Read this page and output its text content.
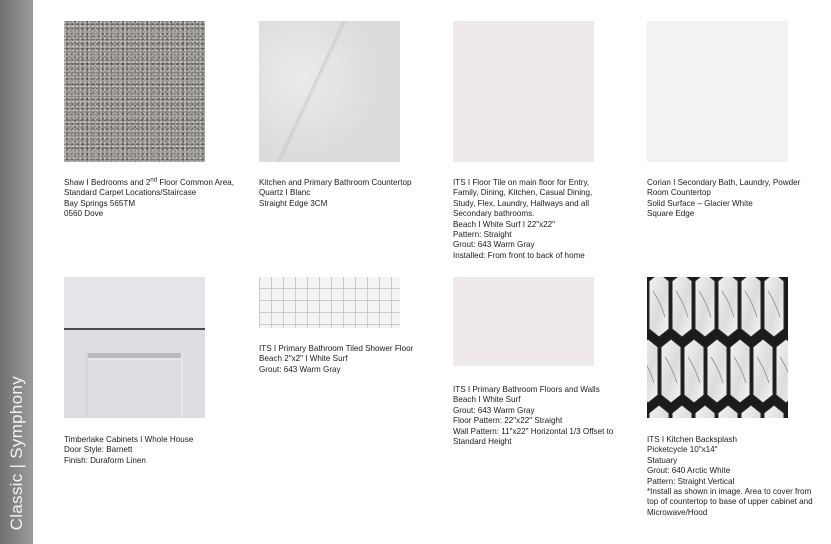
Classic | Symphony
Shaw I Bedrooms and 2nd Floor Common Area, Standard Carpet Locations/Staircase
Bay Springs 565TM
0560 Dove
Kitchen and Primary Bathroom Countertop
Quartz I Blanc
Straight Edge 3CM
ITS I Floor Tile on main floor for Entry, Family, Dining, Kitchen, Casual Dining, Study, Flex, Laundry, Hallways and all Secondary bathrooms.
Beach I White Surf I 22"x22"
Pattern: Straight
Grout: 643 Warm Gray
Installed: From front to back of home
Corian I Secondary Bath, Laundry, Powder Room Countertop
Solid Surface – Glacier White
Square Edge
Timberlake Cabinets I Whole House
Door Style: Barnett
Finish: Duraform Linen
ITS I Primary Bathroom Tiled Shower Floor
Beach 2"x2" I White Surf
Grout: 643 Warm Gray
ITS I Primary Bathroom Floors and Walls
Beach I White Surf
Grout: 643 Warm Gray
Floor Pattern: 22"x22" Straight
Wall Pattern: 11"x22" Horizontal 1/3 Offset to Standard Height	ITS I Kitchen Backsplash
Picketcycle 10"x14"
Statuary
Grout: 640 Arctic White
Pattern: Straight Vertical
*Install as shown in image. Area to cover from top of countertop to base of upper cabinet and Microwave/Hood
